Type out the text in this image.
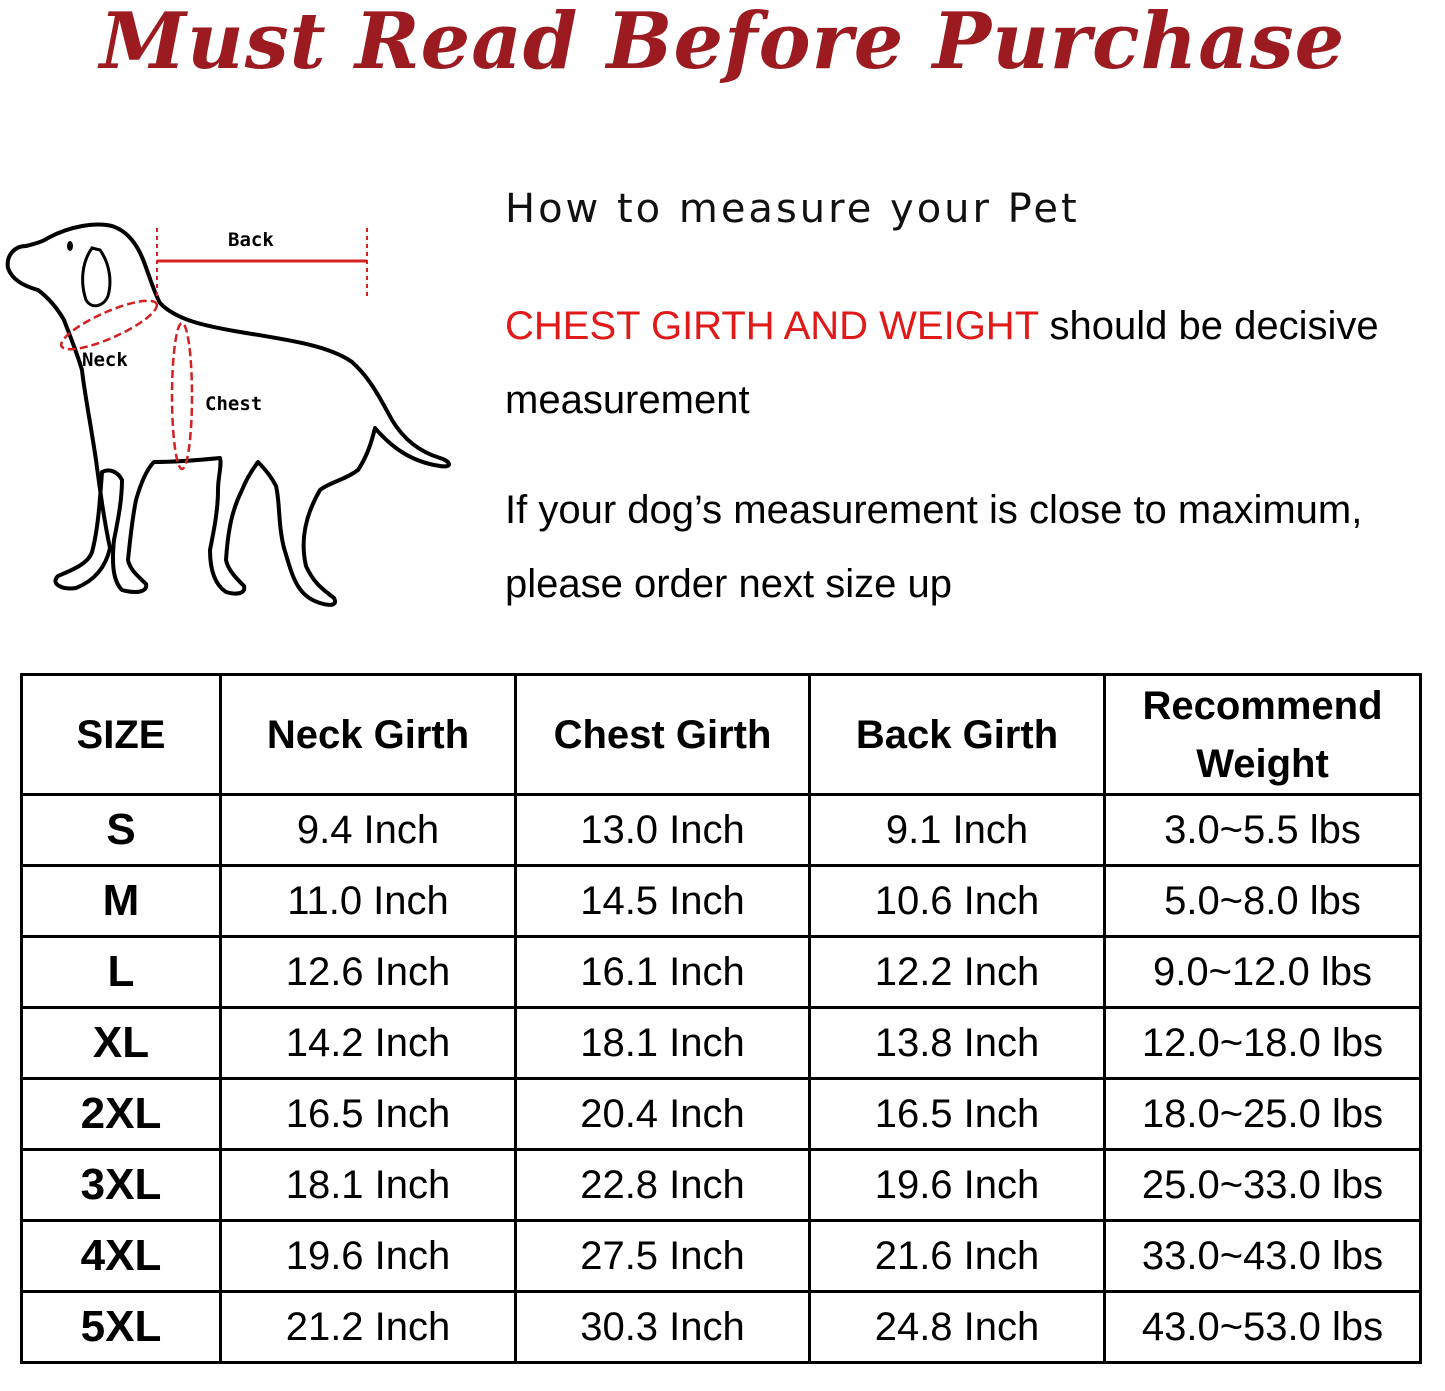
Must Read Before Purchase
Back
Neck
Chest
How to measure your Pet
CHEST GIRTH AND WEIGHT should be decisive
measurement
If your dog’s measurement is close to maximum,
please order next size up
SIZE	Neck Girth	Chest Girth	Back Girth	Recommend
Weight

S	9.4 Inch	13.0 Inch	9.1 Inch	3.0~5.5 lbs
M	11.0 Inch	14.5 Inch	10.6 Inch	5.0~8.0 lbs
L	12.6 Inch	16.1 Inch	12.2 Inch	9.0~12.0 lbs
XL	14.2 Inch	18.1 Inch	13.8 Inch	12.0~18.0 lbs
2XL	16.5 Inch	20.4 Inch	16.5 Inch	18.0~25.0 lbs
3XL	18.1 Inch	22.8 Inch	19.6 Inch	25.0~33.0 lbs
4XL	19.6 Inch	27.5 Inch	21.6 Inch	33.0~43.0 lbs
5XL	21.2 Inch	30.3 Inch	24.8 Inch	43.0~53.0 lbs
